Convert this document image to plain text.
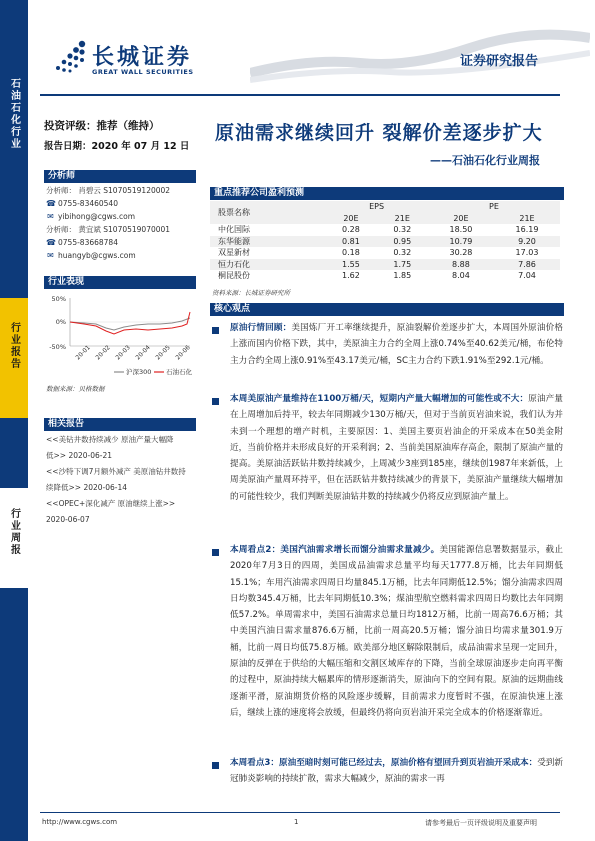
石油石化行业
行业报告
行业周报
长城证券
GREAT WALL SECURITIES
证券研究报告
投资评级：推荐（维持）
报告日期：2020 年 07 月 12 日
原油需求继续回升 裂解价差逐步扩大
——石油石化行业周报
分析师
分析师： 肖碧云 S1070519120002
☎ 0755-83460540
✉ yibihong@cgws.com
分析师： 黄宜斌 S1070519070001
☎ 0755-83668784
✉ huangyb@cgws.com
行业表现
50%
0%
-50% 20-01 20-02 20-03 20-04 20-05 20-06
沪深300 石油石化
数据来源：贝格数据
相关报告
<<美钻井数持续减少 原油产量大幅降
低>> 2020-06-21
<<沙特下调7月额外减产 美原油钻井数持
续降低>> 2020-06-14
<<OPEC+深化减产 原油继续上涨>>
2020-06-07
重点推荐公司盈利预测
股票名称	EPS		PE	
	20E	21E	20E	21E
中化国际	0.28	0.32	18.50	16.19
东华能源	0.81	0.95	10.79	9.20
双星新材	0.18	0.32	30.28	17.03
恒力石化	1.55	1.75	8.88	7.86
桐昆股份	1.62	1.85	8.04	7.04
资料来源：长城证券研究所
核心观点
原油行情回顾：美国炼厂开工率继续提升，原油裂解价差逐步扩大，本周国外原油价格上涨而国内价格下跌，其中，美原油主力合约全周上涨0.74%至40.62美元/桶，布伦特主力合约全周上涨0.91%至43.17美元/桶，SC主力合约下跌1.91%至292.1元/桶。
本周美原油产量维持在1100万桶/天，短期内产量大幅增加的可能性或不大：原油产量在上周增加后持平，较去年同期减少130万桶/天，但对于当前页岩油来说，我们认为并未到一个理想的增产时机，主要原因：1、美国主要页岩油企的开采成本在50美金附近，当前价格并未形成良好的开采利润；2、当前美国原油库存高企，限制了原油产量的提高。美原油活跃钻井数持续减少，上周减少3座到185座，继续创1987年来新低，上周美原油产量周环持平，但在活跃钻井数持续减少的背景下，美原油产量继续大幅增加的可能性较少，我们判断美原油钻井数的持续减少仍将反应到原油产量上。
本周看点2：美国汽油需求增长而馏分油需求量减少。美国能源信息署数据显示，截止2020年7月3日的四周，美国成品油需求总量平均每天1777.8万桶，比去年同期低15.1%；车用汽油需求四周日均量845.1万桶，比去年同期低12.5%；馏分油需求四周日均数345.4万桶，比去年同期低10.3%；煤油型航空燃料需求四周日均数比去年同期低57.2%。单周需求中，美国石油需求总量日均1812万桶，比前一周高76.6万桶；其中美国汽油日需求量876.6万桶，比前一周高20.5万桶；馏分油日均需求量301.9万桶，比前一周日均低75.8万桶。欧美部分地区解除限制后，成品油需求呈现一定回升，原油的反弹在于供给的大幅压缩和交割区域库存的下降，当前全球原油逐步走向再平衡的过程中，原油持续大幅累库的情形逐渐消失，原油向下的空间有限。原油的远期曲线逐渐平滑，原油期货价格的风险逐步缓解，目前需求力度暂时不强，在原油快速上涨后，继续上涨的速度将会放缓，但最终仍将向页岩油开采完全成本的价格逐渐靠近。
本周看点3：原油至暗时刻可能已经过去，原油价格有望回升到页岩油开采成本：受到新冠肺炎影响的持续扩散，需求大幅减少，原油的需求一再
http://www.cgws.com	1	请参考最后一页评级说明及重要声明
